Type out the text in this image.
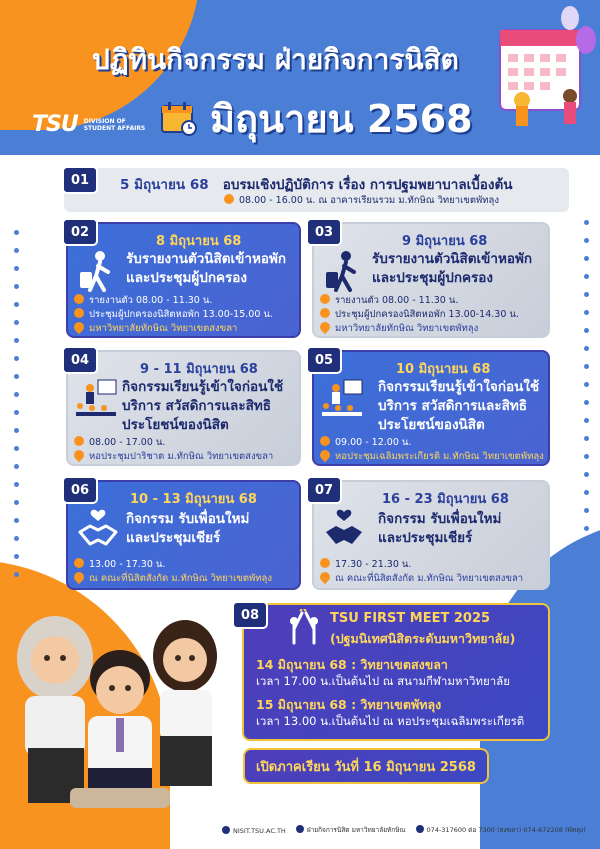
ปฏิทินกิจกรรม ฝ่ายกิจการนิสิต
มิถุนายน 2568
TSU DIVISION OF
STUDENT AFFAIRS
01	5 มิถุนายน 68 อบรมเชิงปฏิบัติการ เรื่อง การปฐมพยาบาลเบื้องต้น
08.00 - 16.00 น. ณ อาคารเรียนรวม ม.ทักษิณ วิทยาเขตพัทลุง
02
8 มิถุนายน 68
รับรายงานตัวนิสิตเข้าหอพัก
และประชุมผู้ปกครอง
รายงานตัว 08.00 - 11.30 น.
ประชุมผู้ปกครองนิสิตหอพัก 13.00-15.00 น.
มหาวิทยาลัยทักษิณ วิทยาเขตสงขลา
03
9 มิถุนายน 68
รับรายงานตัวนิสิตเข้าหอพัก
และประชุมผู้ปกครอง
รายงานตัว 08.00 - 11.30 น.
ประชุมผู้ปกครองนิสิตหอพัก 13.00-14.30 น.
มหาวิทยาลัยทักษิณ วิทยาเขตพัทลุง
04
9 - 11 มิถุนายน 68
กิจกรรมเรียนรู้เข้าใจก่อนใช้
บริการ สวัสดิการและสิทธิ
ประโยชน์ของนิสิต
08.00 - 17.00 น.
หอประชุมปาริชาต ม.ทักษิณ วิทยาเขตสงขลา
05
10 มิถุนายน 68
กิจกรรมเรียนรู้เข้าใจก่อนใช้
บริการ สวัสดิการและสิทธิ
ประโยชน์ของนิสิต
09.00 - 12.00 น.
หอประชุมเฉลิมพระเกียรติ ม.ทักษิณ วิทยาเขตพัทลุง
06
10 - 13 มิถุนายน 68
กิจกรรม รับเพื่อนใหม่
และประชุมเชียร์
13.00 - 17.30 น.
ณ คณะที่นิสิตสังกัด ม.ทักษิณ วิทยาเขตพัทลุง
07
16 - 23 มิถุนายน 68
กิจกรรม รับเพื่อนใหม่
และประชุมเชียร์
17.30 - 21.30 น.
ณ คณะที่นิสิตสังกัด ม.ทักษิณ วิทยาเขตสงขลา
08	TSU FIRST MEET 2025
(ปฐมนิเทศนิสิตระดับมหาวิทยาลัย)
14 มิถุนายน 68 : วิทยาเขตสงขลา
เวลา 17.00 น.เป็นต้นไป ณ สนามกีฬามหาวิทยาลัย
15 มิถุนายน 68 : วิทยาเขตพัทลุง
เวลา 13.00 น.เป็นต้นไป ณ หอประชุมเฉลิมพระเกียรติ
เปิดภาคเรียน วันที่ 16 มิถุนายน 2568
NISIT.TSU.AC.TH	ฝ่ายกิจการนิสิต มหาวิทยาลัยทักษิณ	074-317600 ต่อ 7300 (สงขลา) 074-672208 (พัทลุง)
